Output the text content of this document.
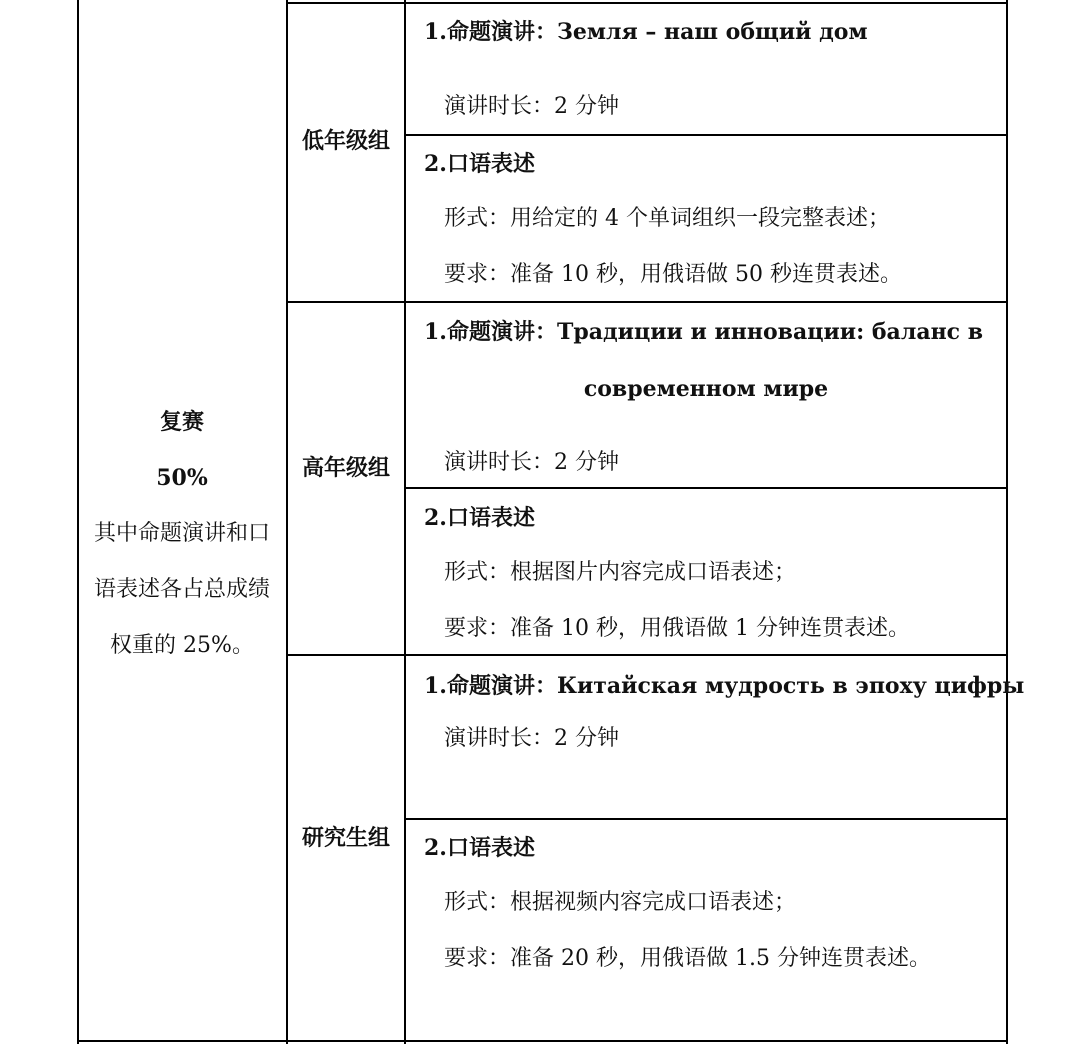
复赛
50%
其中命题演讲和口
语表述各占总成绩
权重的 25%。
低年级组
高年级组
研究生组
1.命题演讲：Земля – наш общий дом
演讲时长：2 分钟
2.口语表述
形式：用给定的 4 个单词组织一段完整表述；
要求：准备 10 秒，用俄语做 50 秒连贯表述。
1.命题演讲：Традиции и инновации: баланс в
современном мире
演讲时长：2 分钟
2.口语表述
形式：根据图片内容完成口语表述；
要求：准备 10 秒，用俄语做 1 分钟连贯表述。
1.命题演讲：Китайская мудрость в эпоху цифры
演讲时长：2 分钟
2.口语表述
形式：根据视频内容完成口语表述；
要求：准备 20 秒，用俄语做 1.5 分钟连贯表述。
